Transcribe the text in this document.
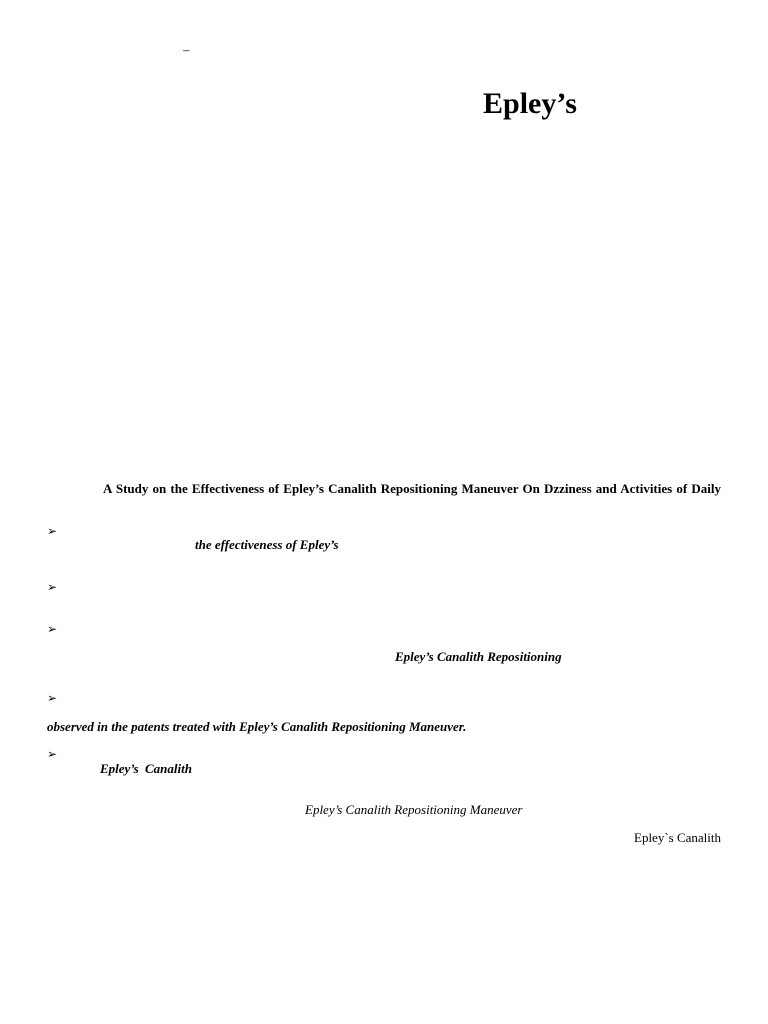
–
Epley’s
A Study on the Effectiveness of Epley’s Canalith Repositioning Maneuver On Dzziness and Activities of Daily
➢
the effectiveness of Epley’s
➢
➢
Epley’s Canalith Repositioning
➢
observed in the patents treated with Epley’s Canalith Repositioning Maneuver.
➢
Epley’s Canalith
Epley’s Canalith Repositioning Maneuver
Epley`s Canalith
